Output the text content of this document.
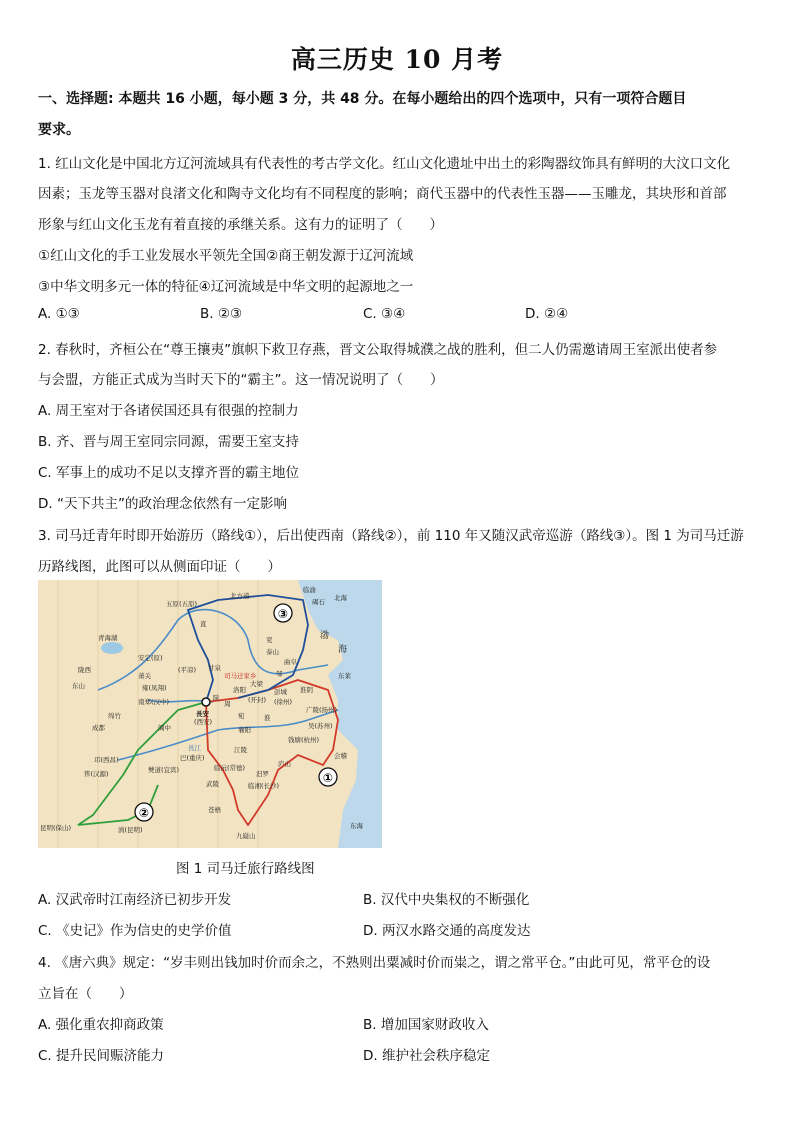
高三历史 10 月考
一、选择题: 本题共 16 小题，每小题 3 分，共 48 分。在每小题给出的四个选项中，只有一项符合题目
要求。
1. 红山文化是中国北方辽河流域具有代表性的考古学文化。红山文化遗址中出土的彩陶器纹饰具有鲜明的大汶口文化
因素；玉龙等玉器对良渚文化和陶寺文化均有不同程度的影响；商代玉器中的代表性玉器——玉雕龙，其块形和首部
形象与红山文化玉龙有着直接的承继关系。这有力的证明了（　　）
①红山文化的手工业发展水平领先全国②商王朝发源于辽河流域
③中华文明多元一体的特征④辽河流域是中华文明的起源地之一
A. ①③	B. ②③	C. ③④	D. ②④
2. 春秋时，齐桓公在“尊王攘夷”旗帜下救卫存燕，晋文公取得城濮之战的胜利，但二人仍需邀请周王室派出使者参
与会盟，方能正式成为当时天下的“霸主”。这一情况说明了（　　）
A. 周王室对于各诸侯国还具有很强的控制力
B. 齐、晋与周王室同宗同源，需要王室支持
C. 军事上的成功不足以支撑齐晋的霸主地位
D. “天下共主”的政治理念依然有一定影响
3. 司马迁青年时即开始游历（路线①），后出使西南（路线②），前 110 年又随汉武帝巡游（路线③）。图 1 为司马迁游
历路线图，此图可以从侧面印证（　　）
③
①
②
北方道
临渝
渤
海
五原(五原)
直
甘泉
司马迁家乡
安定(原)
萧关
(平凉)
青海湖
雍(凤翔)
南郑(汉中)
長安
(西安)
洛阳
大梁
(开封)
彭城
(徐州)
曲阜
邹
淮阴
广陵(扬州)
吴(苏州)
会稽
钱塘(杭州)
淮
宛
襄阳
江陵
長江
庐山
汨罗
临湘(长沙)
临沅(常德)
武陵
九嶷山
成都
邛(西昌)
筰(汉源)
滇(昆明)
昆明(保山)
巴(重庆)
僰道(宜宾)
绵竹
东山
阆中
陇西
泰山
兖
陕
苍梧
东莱
东海
北海
碣石
周
图 1 司马迁旅行路线图
A. 汉武帝时江南经济已初步开发	B. 汉代中央集权的不断强化
C. 《史记》作为信史的史学价值	D. 两汉水路交通的高度发达
4. 《唐六典》规定：“岁丰则出钱加时价而余之，不熟则出粟减时价而粜之，谓之常平仓。”由此可见，常平仓的设
立旨在（　　）
A. 强化重农抑商政策	B. 增加国家财政收入
C. 提升民间赈济能力	D. 维护社会秩序稳定
